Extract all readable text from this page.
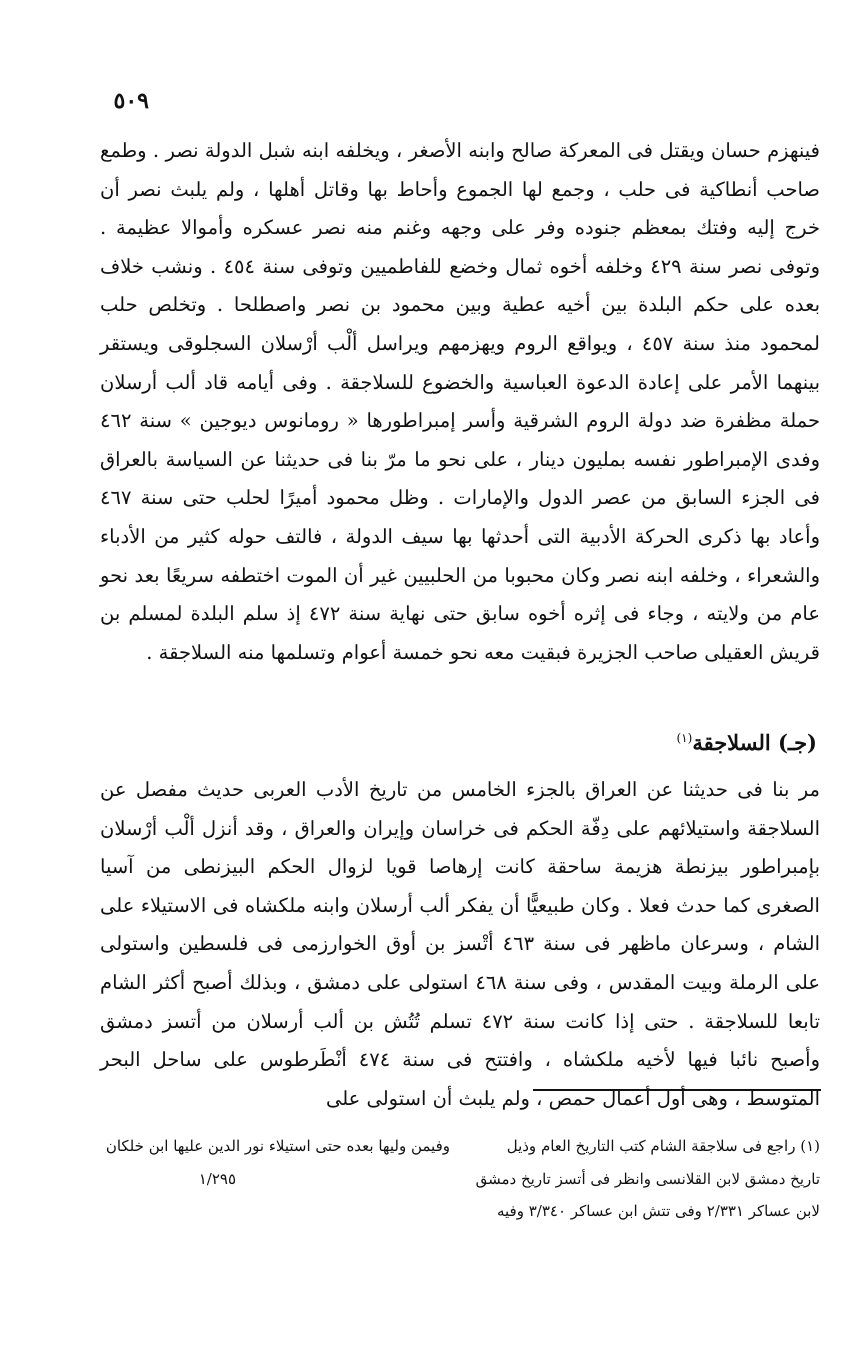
٥٠٩
فينهزم حسان ويقتل فى المعركة صالح وابنه الأصغر ، ويخلفه ابنه شبل الدولة نصر . وطمع صاحب أنطاكية فى حلب ، وجمع لها الجموع وأحاط بها وقاتل أهلها ، ولم يلبث نصر أن خرج إليه وفتك بمعظم جنوده وفر على وجهه وغنم منه نصر عسكره وأموالا عظيمة . وتوفى نصر سنة ٤٢٩ وخلفه أخوه ثمال وخضع للفاطميين وتوفى سنة ٤٥٤ . ونشب خلاف بعده على حكم البلدة بين أخيه عطية وبين محمود بن نصر واصطلحا . وتخلص حلب لمحمود منذ سنة ٤٥٧ ، ويواقع الروم ويهزمهم ويراسل ألْب أرْسلان السجلوقى ويستقر بينهما الأمر على إعادة الدعوة العباسية والخضوع للسلاجقة . وفى أيامه قاد ألب أرسلان حملة مظفرة ضد دولة الروم الشرقية وأسر إمبراطورها « رومانوس ديوجين » سنة ٤٦٢ وفدى الإمبراطور نفسه بمليون دينار ، على نحو ما مرّ بنا فى حديثنا عن السياسة بالعراق فى الجزء السابق من عصر الدول والإمارات . وظل محمود أميرًا لحلب حتى سنة ٤٦٧ وأعاد بها ذكرى الحركة الأدبية التى أحدثها بها سيف الدولة ، فالتف حوله كثير من الأدباء والشعراء ، وخلفه ابنه نصر وكان محبوبا من الحلبيين غير أن الموت اختطفه سريعًا بعد نحو عام من ولايته ، وجاء فى إثره أخوه سابق حتى نهاية سنة ٤٧٢ إذ سلم البلدة لمسلم بن قريش العقيلى صاحب الجزيرة فبقيت معه نحو خمسة أعوام وتسلمها منه السلاجقة .
(جـ) السلاجقة$^{(١)}$
مر بنا فى حديثنا عن العراق بالجزء الخامس من تاريخ الأدب العربى حديث مفصل عن السلاجقة واستيلائهم على دِفّة الحكم فى خراسان وإيران والعراق ، وقد أنزل ألْب أرْسلان بإمبراطور بيزنطة هزيمة ساحقة كانت إرهاصا قويا لزوال الحكم البيزنطى من آسيا الصغرى كما حدث فعلا . وكان طبيعيًّا أن يفكر ألب أرسلان وابنه ملكشاه فى الاستيلاء على الشام ، وسرعان ماظهر فى سنة ٤٦٣ أتْسز بن أوق الخوارزمى فى فلسطين واستولى على الرملة وبيت المقدس ، وفى سنة ٤٦٨ استولى على دمشق ، وبذلك أصبح أكثر الشام تابعا للسلاجقة . حتى إذا كانت سنة ٤٧٢ تسلم تُتُش بن ألب أرسلان من أتسز دمشق وأصبح نائبا فيها لأخيه ملكشاه ، وافتتح فى سنة ٤٧٤ أنْطَرطوس على ساحل البحر المتوسط ، وهى أول أعمال حمص ، ولم يلبث أن استولى على
(١) راجع فى سلاجقة الشام كتب التاريخ العام وذيل
تاريخ دمشق لابن القلانسى وانظر فى أتسز تاريخ دمشق
لابن عساكر ٢/٣٣١ وفى تتش ابن عساكر ٣/٣٤٠ وفيه
وفيمن وليها بعده حتى استيلاء نور الدين عليها ابن خلكان
١/٢٩٥
